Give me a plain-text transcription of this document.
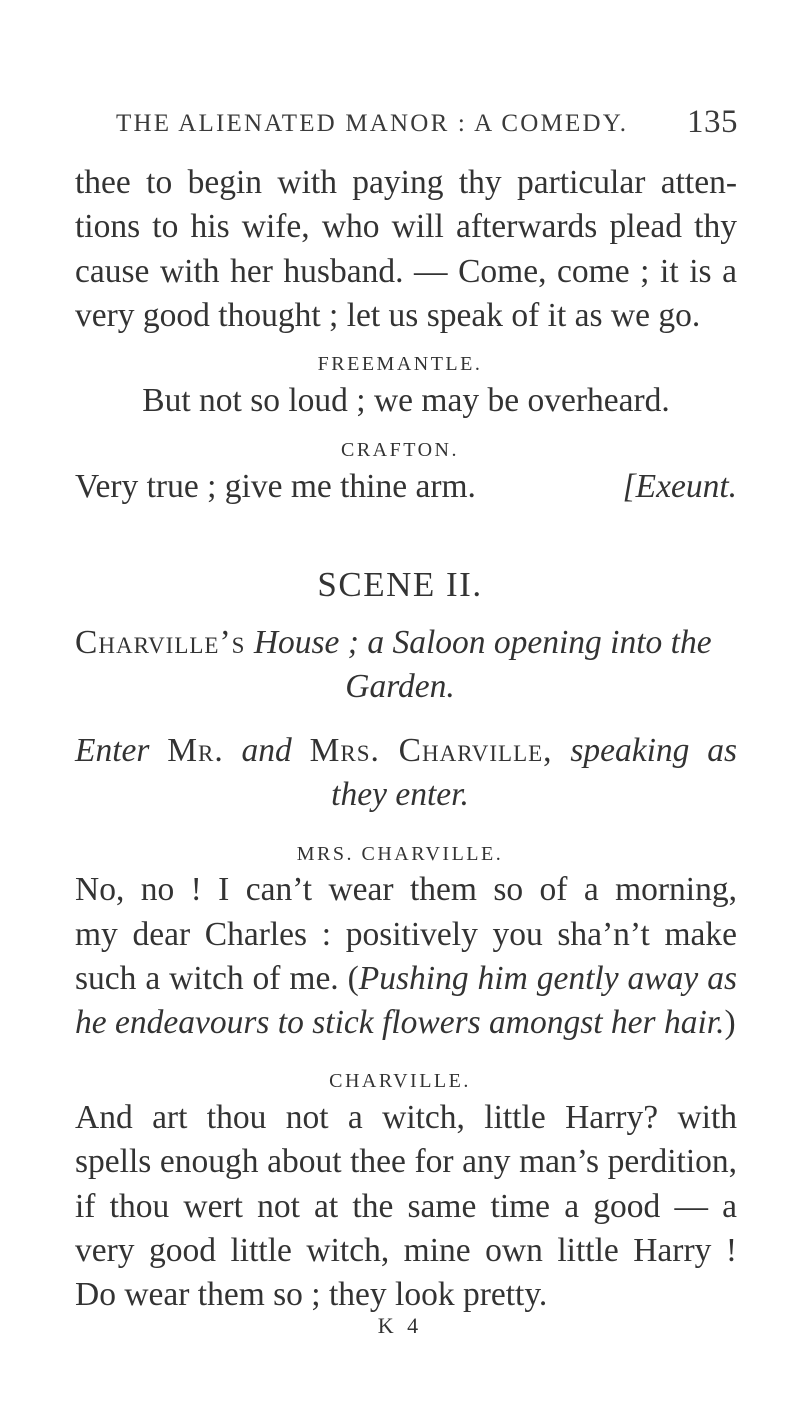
THE ALIENATED MANOR : A COMEDY. 135
thee to begin with paying thy particular atten-
tions to his wife, who will afterwards plead thy
cause with her husband. — Come, come ; it is a
very good thought ; let us speak of it as we go.
FREEMANTLE.
But not so loud ; we may be overheard.
CRAFTON.
Very true ; give me thine arm.	[Exeunt.
SCENE II.
Charville’s House ; a Saloon opening into the
Garden.
Enter Mr. and Mrs. Charville, speaking as
they enter.
MRS. CHARVILLE.
No, no ! I can’t wear them so of a morning,
my dear Charles : positively you sha’n’t make
such a witch of me. (Pushing him gently away as
he endeavours to stick flowers amongst her hair.)
CHARVILLE.
And art thou not a witch, little Harry? with
spells enough about thee for any man’s perdition,
if thou wert not at the same time a good — a
very good little witch, mine own little Harry !
Do wear them so ; they look pretty.
K 4
